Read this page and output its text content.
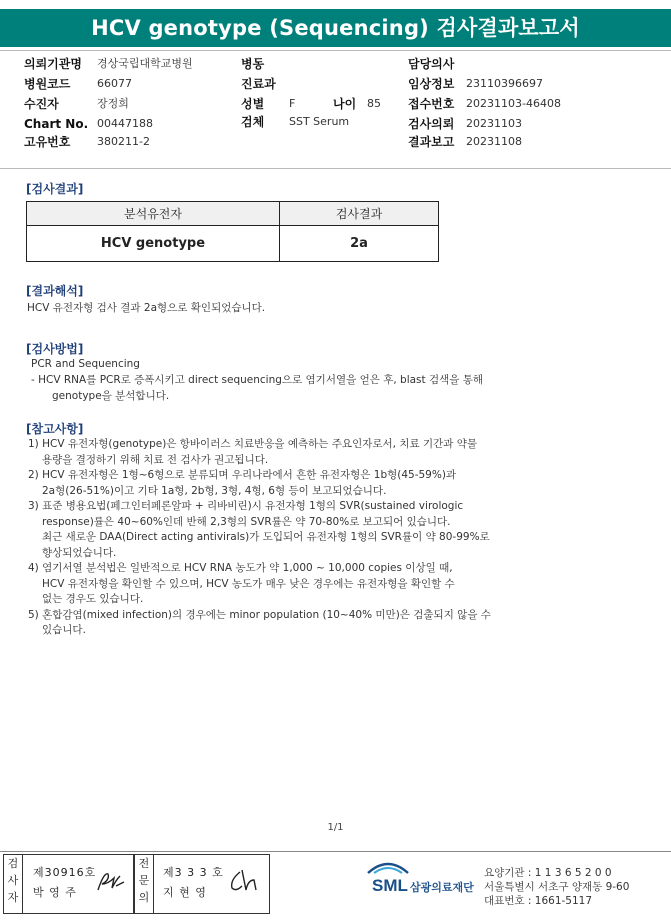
HCV genotype (Sequencing) 검사결과보고서
의뢰기관명 경상국립대학교병원
병원코드 66077
수진자	장정희
Chart No. 00447188
고유번호 380211-2
병동
진료과
성별 F	나이 85
검체 SST Serum
담당의사
임상정보 23110396697
접수번호 20231103-46408
검사의뢰 20231103
결과보고 20231108
[검사결과]
분석유전자	검사결과
HCV genotype	2a
[결과해석]
HCV 유전자형 검사 결과 2a형으로 확인되었습니다.
[검사방법]
PCR and Sequencing
- HCV RNA를 PCR로 증폭시키고 direct sequencing으로 염기서열을 얻은 후, blast 검색을 통해
genotype을 분석합니다.
[참고사항]
1) HCV 유전자형(genotype)은 항바이러스 치료반응을 예측하는 주요인자로서, 치료 기간과 약물
용량을 결정하기 위해 치료 전 검사가 권고됩니다.
2) HCV 유전자형은 1형~6형으로 분류되며 우리나라에서 흔한 유전자형은 1b형(45-59%)과
2a형(26-51%)이고 기타 1a형, 2b형, 3형, 4형, 6형 등이 보고되었습니다.
3) 표준 병용요법(페그인터페론알파 + 리바비린)시 유전자형 1형의 SVR(sustained virologic
response)률은 40~60%인데 반해 2,3형의 SVR률은 약 70-80%로 보고되어 있습니다.
최근 새로운 DAA(Direct acting antivirals)가 도입되어 유전자형 1형의 SVR률이 약 80-99%로
향상되었습니다.
4) 염기서열 분석법은 일반적으로 HCV RNA 농도가 약 1,000 ~ 10,000 copies 이상일 때,
HCV 유전자형을 확인할 수 있으며, HCV 농도가 매우 낮은 경우에는 유전자형을 확인할 수
없는 경우도 있습니다.
5) 혼합감염(mixed infection)의 경우에는 minor population (10~40% 미만)은 검출되지 않을 수
있습니다.
1/1
검
사
자
제30916호
박 영 주
전
문
의
제3 3 3 호
지 현 영	SML 삼광의료재단
요양기관 : 1 1 3 6 5 2 0 0
서울특별시 서초구 양재동 9-60
대표번호 : 1661-5117
